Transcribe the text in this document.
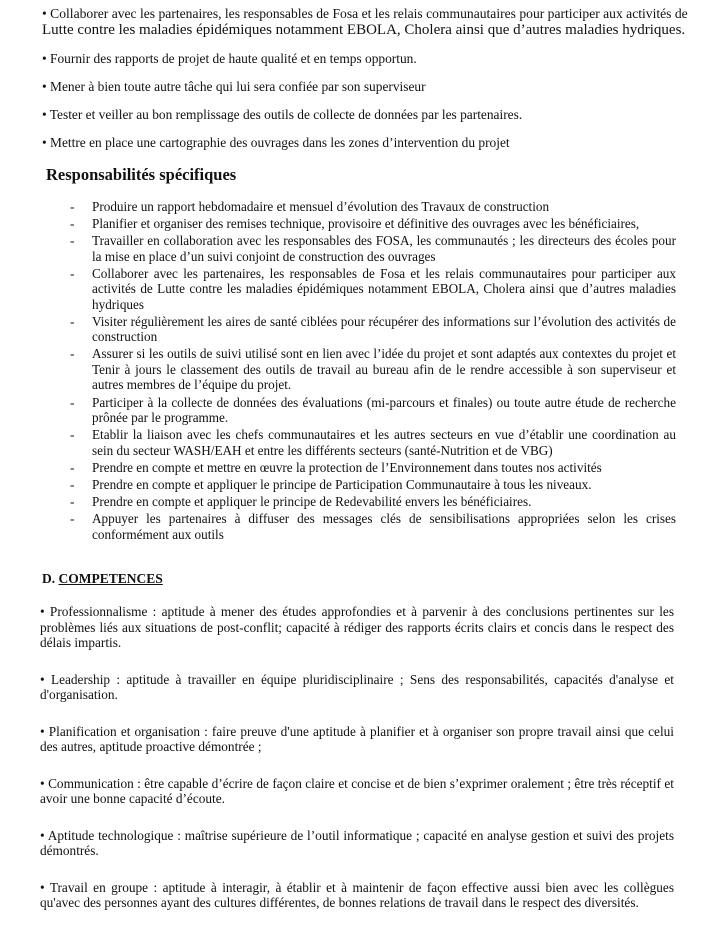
• Collaborer avec les partenaires, les responsables de Fosa et les relais communautaires pour participer aux activités de
Lutte contre les maladies épidémiques notamment EBOLA, Cholera ainsi que d’autres maladies hydriques.

• Fournir des rapports de projet de haute qualité et en temps opportun.

• Mener à bien toute autre tâche qui lui sera confiée par son superviseur

• Tester et veiller au bon remplissage des outils de collecte de données par les partenaires.

• Mettre en place une cartographie des ouvrages dans les zones d’intervention du projet

Responsabilités spécifiques
- Produire un rapport hebdomadaire et mensuel d’évolution des Travaux de construction
- Planifier et organiser des remises technique, provisoire et définitive des ouvrages avec les bénéficiaires,
- Travailler en collaboration avec les responsables des FOSA, les communautés ; les directeurs des écoles pour la mise en place d’un suivi conjoint de construction des ouvrages
- Collaborer avec les partenaires, les responsables de Fosa et les relais communautaires pour participer aux activités de Lutte contre les maladies épidémiques notamment EBOLA, Cholera ainsi que d’autres maladies hydriques
- Visiter régulièrement les aires de santé ciblées pour récupérer des informations sur l’évolution des activités de construction
- Assurer si les outils de suivi utilisé sont en lien avec l’idée du projet et sont adaptés aux contextes du projet et Tenir à jours le classement des outils de travail au bureau afin de le rendre accessible à son superviseur et autres membres de l’équipe du projet.
- Participer à la collecte de données des évaluations (mi-parcours et finales) ou toute autre étude de recherche prônée par le programme.
- Etablir la liaison avec les chefs communautaires et les autres secteurs en vue d’établir une coordination au sein du secteur WASH/EAH et entre les différents secteurs (santé-Nutrition et de VBG)
- Prendre en compte et mettre en œuvre la protection de l’Environnement dans toutes nos activités
- Prendre en compte et appliquer le principe de Participation Communautaire à tous les niveaux.
- Prendre en compte et appliquer le principe de Redevabilité envers les bénéficiaires.
- Appuyer les partenaires à diffuser des messages clés de sensibilisations appropriées selon les crises conformément aux outils
D. COMPETENCES

• Professionnalisme : aptitude à mener des études approfondies et à parvenir à des conclusions pertinentes sur les problèmes liés aux situations de post-conflit; capacité à rédiger des rapports écrits clairs et concis dans le respect des délais impartis.

• Leadership : aptitude à travailler en équipe pluridisciplinaire ; Sens des responsabilités, capacités d'analyse et d'organisation.

• Planification et organisation : faire preuve d'une aptitude à planifier et à organiser son propre travail ainsi que celui des autres, aptitude proactive démontrée ;

• Communication : être capable d’écrire de façon claire et concise et de bien s’exprimer oralement ; être très réceptif et avoir une bonne capacité d’écoute.

• Aptitude technologique : maîtrise supérieure de l’outil informatique ; capacité en analyse gestion et suivi des projets démontrés.

• Travail en groupe : aptitude à interagir, à établir et à maintenir de façon effective aussi bien avec les collègues qu'avec des personnes ayant des cultures différentes, de bonnes relations de travail dans le respect des diversités.
